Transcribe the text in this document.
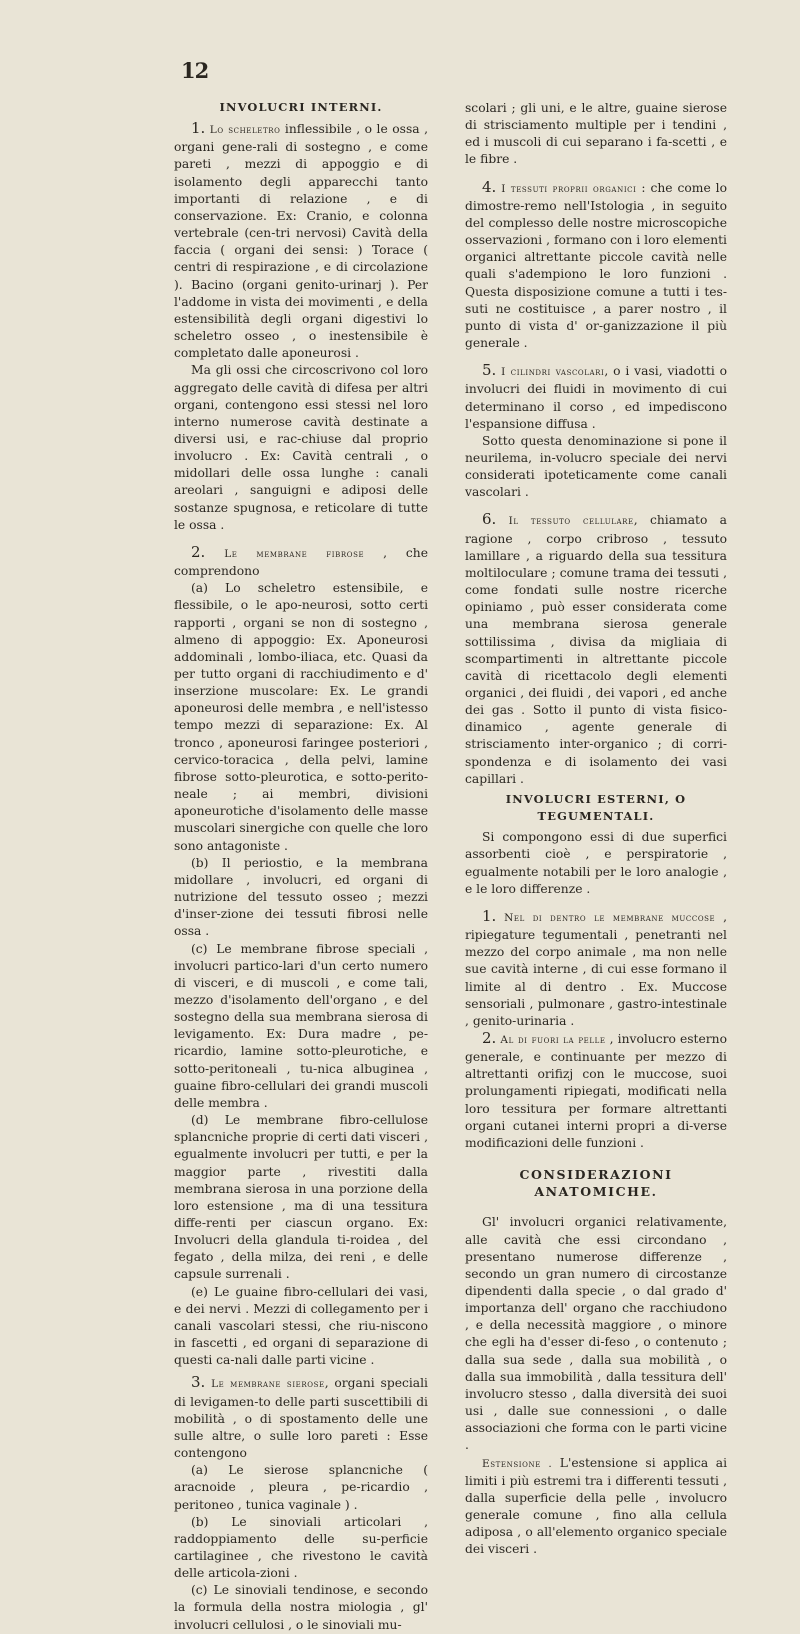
12
INVOLUCRI INTERNI.

1. Lo scheletro inflessibile , o le ossa , organi gene-rali di sostegno , e come pareti , mezzi di appoggio e di isolamento degli apparecchi tanto importanti di relazione , e di conservazione. Ex: Cranio, e colonna vertebrale (cen-tri nervosi) Cavità della faccia ( organi dei sensi: ) Torace ( centri di respirazione , e di circolazione ). Bacino (organi genito-urinarj ). Per l'addome in vista dei movimenti , e della estensibilità degli organi digestivi lo scheletro osseo , o inestensibile è completato dalle aponeurosi .

Ma gli ossi che circoscrivono col loro aggregato delle cavità di difesa per altri organi, contengono essi stessi nel loro interno numerose cavità destinate a diversi usi, e rac-chiuse dal proprio involucro . Ex: Cavità centrali , o midollari delle ossa lunghe : canali areolari , sanguigni e adiposi delle sostanze spugnosa, e reticolare di tutte le ossa .

2. Le membrane fibrose , che comprendono

(a) Lo scheletro estensibile, e flessibile, o le apo-neurosi, sotto certi rapporti , organi se non di sostegno , almeno di appoggio: Ex. Aponeurosi addominali , lombo-iliaca, etc. Quasi da per tutto organi di racchiudimento e d' inserzione muscolare: Ex. Le grandi aponeurosi delle membra , e nell'istesso tempo mezzi di separazione: Ex. Al tronco , aponeurosi faringee posteriori , cervico-toracica , della pelvi, lamine fibrose sotto-pleurotica, e sotto-perito-neale ; ai membri, divisioni aponeurotiche d'isolamento delle masse muscolari sinergiche con quelle che loro sono antagoniste .

(b) Il periostio, e la membrana midollare , involucri, ed organi di nutrizione del tessuto osseo ; mezzi d'inser-zione dei tessuti fibrosi nelle ossa .

(c) Le membrane fibrose speciali , involucri partico-lari d'un certo numero di visceri, e di muscoli , e come tali, mezzo d'isolamento dell'organo , e del sostegno della sua membrana sierosa di levigamento. Ex: Dura madre , pe-ricardio, lamine sotto-pleurotiche, e sotto-peritoneali , tu-nica albuginea , guaine fibro-cellulari dei grandi muscoli delle membra .

(d) Le membrane fibro-cellulose splancniche proprie di certi dati visceri , egualmente involucri per tutti, e per la maggior parte , rivestiti dalla membrana sierosa in una porzione della loro estensione , ma di una tessitura diffe-renti per ciascun organo. Ex: Involucri della glandula ti-roidea , del fegato , della milza, dei reni , e delle capsule surrenali .

(e) Le guaine fibro-cellulari dei vasi, e dei nervi . Mezzi di collegamento per i canali vascolari stessi, che riu-niscono in fascetti , ed organi di separazione di questi ca-nali dalle parti vicine .

3. Le membrane sierose, organi speciali di levigamen-to delle parti suscettibili di mobilità , o di spostamento delle une sulle altre, o sulle loro pareti : Esse contengono

(a) Le sierose splancniche ( aracnoide , pleura , pe-ricardio , peritoneo , tunica vaginale ) .

(b) Le sinoviali articolari , raddoppiamento delle su-perficie cartilaginee , che rivestono le cavità delle articola-zioni .

(c) Le sinoviali tendinose, e secondo la formula della nostra miologia , gl' involucri cellulosi , o le sinoviali mu-

scolari ; gli uni, e le altre, guaine sierose di strisciamento multiple per i tendini , ed i muscoli di cui separano i fa-scetti , e le fibre .

4. I tessuti proprii organici : che come lo dimostre-remo nell'Istologia , in seguito del complesso delle nostre microscopiche osservazioni , formano con i loro elementi organici altrettante piccole cavità nelle quali s'adempiono le loro funzioni . Questa disposizione comune a tutti i tes-suti ne costituisce , a parer nostro , il punto di vista d' or-ganizzazione il più generale .

5. I cilindri vascolari, o i vasi, viadotti o involucri dei fluidi in movimento di cui determinano il corso , ed impediscono l'espansione diffusa .

Sotto questa denominazione si pone il neurilema, in-volucro speciale dei nervi considerati ipoteticamente come canali vascolari .

6. Il tessuto cellulare, chiamato a ragione , corpo cribroso , tessuto lamillare , a riguardo della sua tessitura moltiloculare ; comune trama dei tessuti , come fondati sulle nostre ricerche opiniamo , può esser considerata come una membrana sierosa generale sottilissima , divisa da migliaia di scompartimenti in altrettante piccole cavità di ricettacolo degli elementi organici , dei fluidi , dei vapori , ed anche dei gas . Sotto il punto di vista fisico-dinamico , agente generale di strisciamento inter-organico ; di corri-spondenza e di isolamento dei vasi capillari .

INVOLUCRI ESTERNI, O TEGUMENTALI.

Si compongono essi di due superfici assorbenti cioè , e perspiratorie , egualmente notabili per le loro analogie , e le loro differenze .

1. Nel di dentro le membrane muccose , ripiegature tegumentali , penetranti nel mezzo del corpo animale , ma non nelle sue cavità interne , di cui esse formano il limite al di dentro . Ex. Muccose sensoriali , pulmonare , gastro-intestinale , genito-urinaria .

2. Al di fuori la pelle , involucro esterno generale, e continuante per mezzo di altrettanti orifizj con le muccose, suoi prolungamenti ripiegati, modificati nella loro tessitura per formare altrettanti organi cutanei interni propri a di-verse modificazioni delle funzioni .

CONSIDERAZIONI ANATOMICHE.

Gl' involucri organici relativamente, alle cavità che essi circondano , presentano numerose differenze , secondo un gran numero di circostanze dipendenti dalla specie , o dal grado d' importanza dell' organo che racchiudono , e della necessità maggiore , o minore che egli ha d'esser di-feso , o contenuto ; dalla sua sede , dalla sua mobilità , o dalla sua immobilità , dalla tessitura dell' involucro stesso , dalla diversità dei suoi usi , dalle sue connessioni , o dalle associazioni che forma con le parti vicine .

Estensione . L'estensione si applica ai limiti i più estremi tra i differenti tessuti , dalla superficie della pelle , involucro generale comune , fino alla cellula adiposa , o all'elemento organico speciale dei visceri .
